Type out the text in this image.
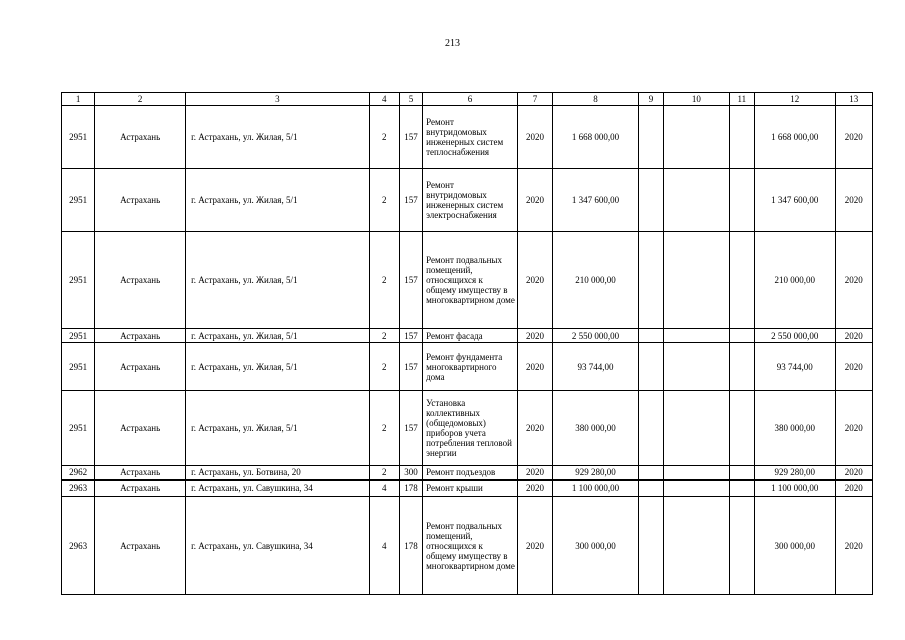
213
1	2	3	4	5	6	7	8	9	10	11	12	13
2951	Астрахань	г. Астрахань, ул. Жилая, 5/1	2	157	Ремонт внутридомовых инженерных систем теплоснабжения	2020	1 668 000,00				1 668 000,00	2020
2951	Астрахань	г. Астрахань, ул. Жилая, 5/1	2	157	Ремонт внутридомовых инженерных систем электроснабжения	2020	1 347 600,00				1 347 600,00	2020
2951	Астрахань	г. Астрахань, ул. Жилая, 5/1	2	157	Ремонт подвальных помещений, относящихся к общему имуществу в многоквартирном доме	2020	210 000,00				210 000,00	2020
2951	Астрахань	г. Астрахань, ул. Жилая, 5/1	2	157	Ремонт фасада	2020	2 550 000,00				2 550 000,00	2020
2951	Астрахань	г. Астрахань, ул. Жилая, 5/1	2	157	Ремонт фундамента многоквартирного дома	2020	93 744,00				93 744,00	2020
2951	Астрахань	г. Астрахань, ул. Жилая, 5/1	2	157	Установка коллективных (общедомовых) приборов учета потребления тепловой энергии	2020	380 000,00				380 000,00	2020
2962	Астрахань	г. Астрахань, ул. Ботвина, 20	2	300	Ремонт подъездов	2020	929 280,00				929 280,00	2020
2963	Астрахань	г. Астрахань, ул. Савушкина, 34	4	178	Ремонт крыши	2020	1 100 000,00				1 100 000,00	2020
2963	Астрахань	г. Астрахань, ул. Савушкина, 34	4	178	Ремонт подвальных помещений, относящихся к общему имуществу в многоквартирном доме	2020	300 000,00				300 000,00	2020
